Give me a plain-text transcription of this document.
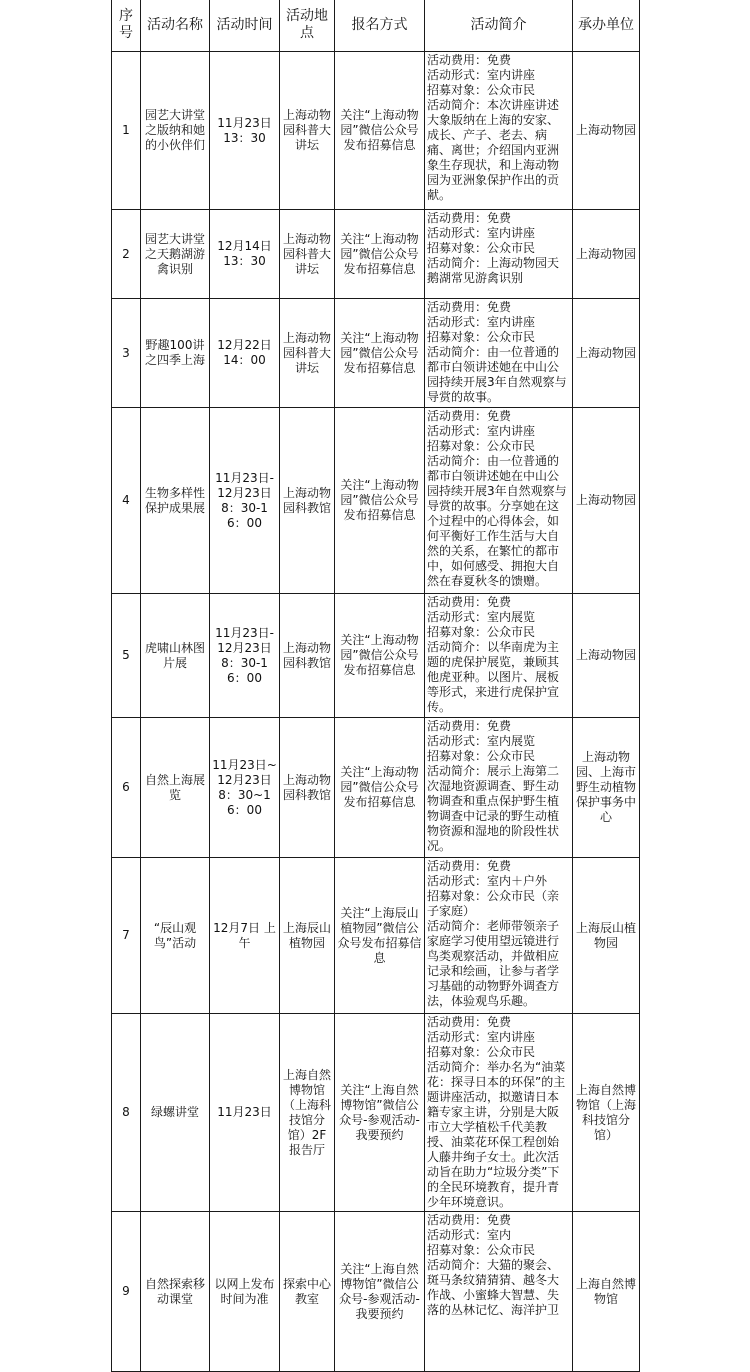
序号	活动名称	活动时间	活动地点	报名方式	活动简介	承办单位
1	园艺大讲堂之版纳和她的小伙伴们	11月23日 13：30	上海动物园科普大讲坛	关注“上海动物园”微信公众号发布招募信息	活动费用：免费
活动形式：室内讲座
招募对象：公众市民
活动简介：本次讲座讲述大象版纳在上海的安家、成长、产子、老去、病痛、离世；介绍国内亚洲象生存现状，和上海动物园为亚洲象保护作出的贡献。	上海动物园
2	园艺大讲堂之天鹅湖游禽识别	12月14日 13：30	上海动物园科普大讲坛	关注“上海动物园”微信公众号发布招募信息	活动费用：免费
活动形式：室内讲座
招募对象：公众市民
活动简介：上海动物园天鹅湖常见游禽识别	上海动物园
3	野趣100讲之四季上海	12月22日 14：00	上海动物园科普大讲坛	关注“上海动物园”微信公众号发布招募信息	活动费用：免费
活动形式：室内讲座
招募对象：公众市民
活动简介：由一位普通的都市白领讲述她在中山公园持续开展3年自然观察与导赏的故事。	上海动物园
4	生物多样性保护成果展	11月23日-12月23日 8：30-16：00	上海动物园科教馆	关注“上海动物园”微信公众号发布招募信息	活动费用：免费
活动形式：室内讲座
招募对象：公众市民
活动简介：由一位普通的都市白领讲述她在中山公园持续开展3年自然观察与导赏的故事。分享她在这个过程中的心得体会，如何平衡好工作生活与大自然的关系，在繁忙的都市中，如何感受、拥抱大自然在春夏秋冬的馈赠。	上海动物园
5	虎啸山林图片展	11月23日-12月23日 8：30-16：00	上海动物园科教馆	关注“上海动物园”微信公众号发布招募信息	活动费用：免费
活动形式：室内展览
招募对象：公众市民
活动简介：以华南虎为主题的虎保护展览，兼顾其他虎亚种。以图片、展板等形式，来进行虎保护宣传。	上海动物园
6	自然上海展览	11月23日~12月23日 8：30~16：00	上海动物园科教馆	关注“上海动物园”微信公众号发布招募信息	活动费用：免费
活动形式：室内展览
招募对象：公众市民
活动简介：展示上海第二次湿地资源调查、野生动物调查和重点保护野生植物调查中记录的野生动植物资源和湿地的阶段性状况。	上海动物园、上海市野生动植物保护事务中心
7	“辰山观鸟”活动	12月7日 上午	上海辰山植物园	关注“上海辰山植物园”微信公众号发布招募信息	活动费用：免费
活动形式：室内＋户外
招募对象：公众市民（亲子家庭）
活动简介：老师带领亲子家庭学习使用望远镜进行鸟类观察活动，并做相应记录和绘画，让参与者学习基础的动物野外调查方法，体验观鸟乐趣。	上海辰山植物园
8	绿螺讲堂	11月23日	上海自然博物馆（上海科技馆分馆）2F报告厅	关注“上海自然博物馆”微信公众号-参观活动-我要预约	活动费用：免费
活动形式：室内讲座
招募对象：公众市民
活动简介：举办名为“油菜花：探寻日本的环保”的主题讲座活动，拟邀请日本籍专家主讲，分别是大阪市立大学植松千代美教授、油菜花环保工程创始人藤井绚子女士。此次活动旨在助力“垃圾分类”下的全民环境教育，提升青少年环境意识。	上海自然博物馆（上海科技馆分馆）
9	自然探索移动课堂	以网上发布时间为准	探索中心教室	关注“上海自然博物馆”微信公众号-参观活动-我要预约	活动费用：免费
活动形式：室内
招募对象：公众市民
活动简介：大猫的聚会、斑马条纹猜猜猜、越冬大作战、小蜜蜂大智慧、失落的丛林记忆、海洋护卫	上海自然博物馆
